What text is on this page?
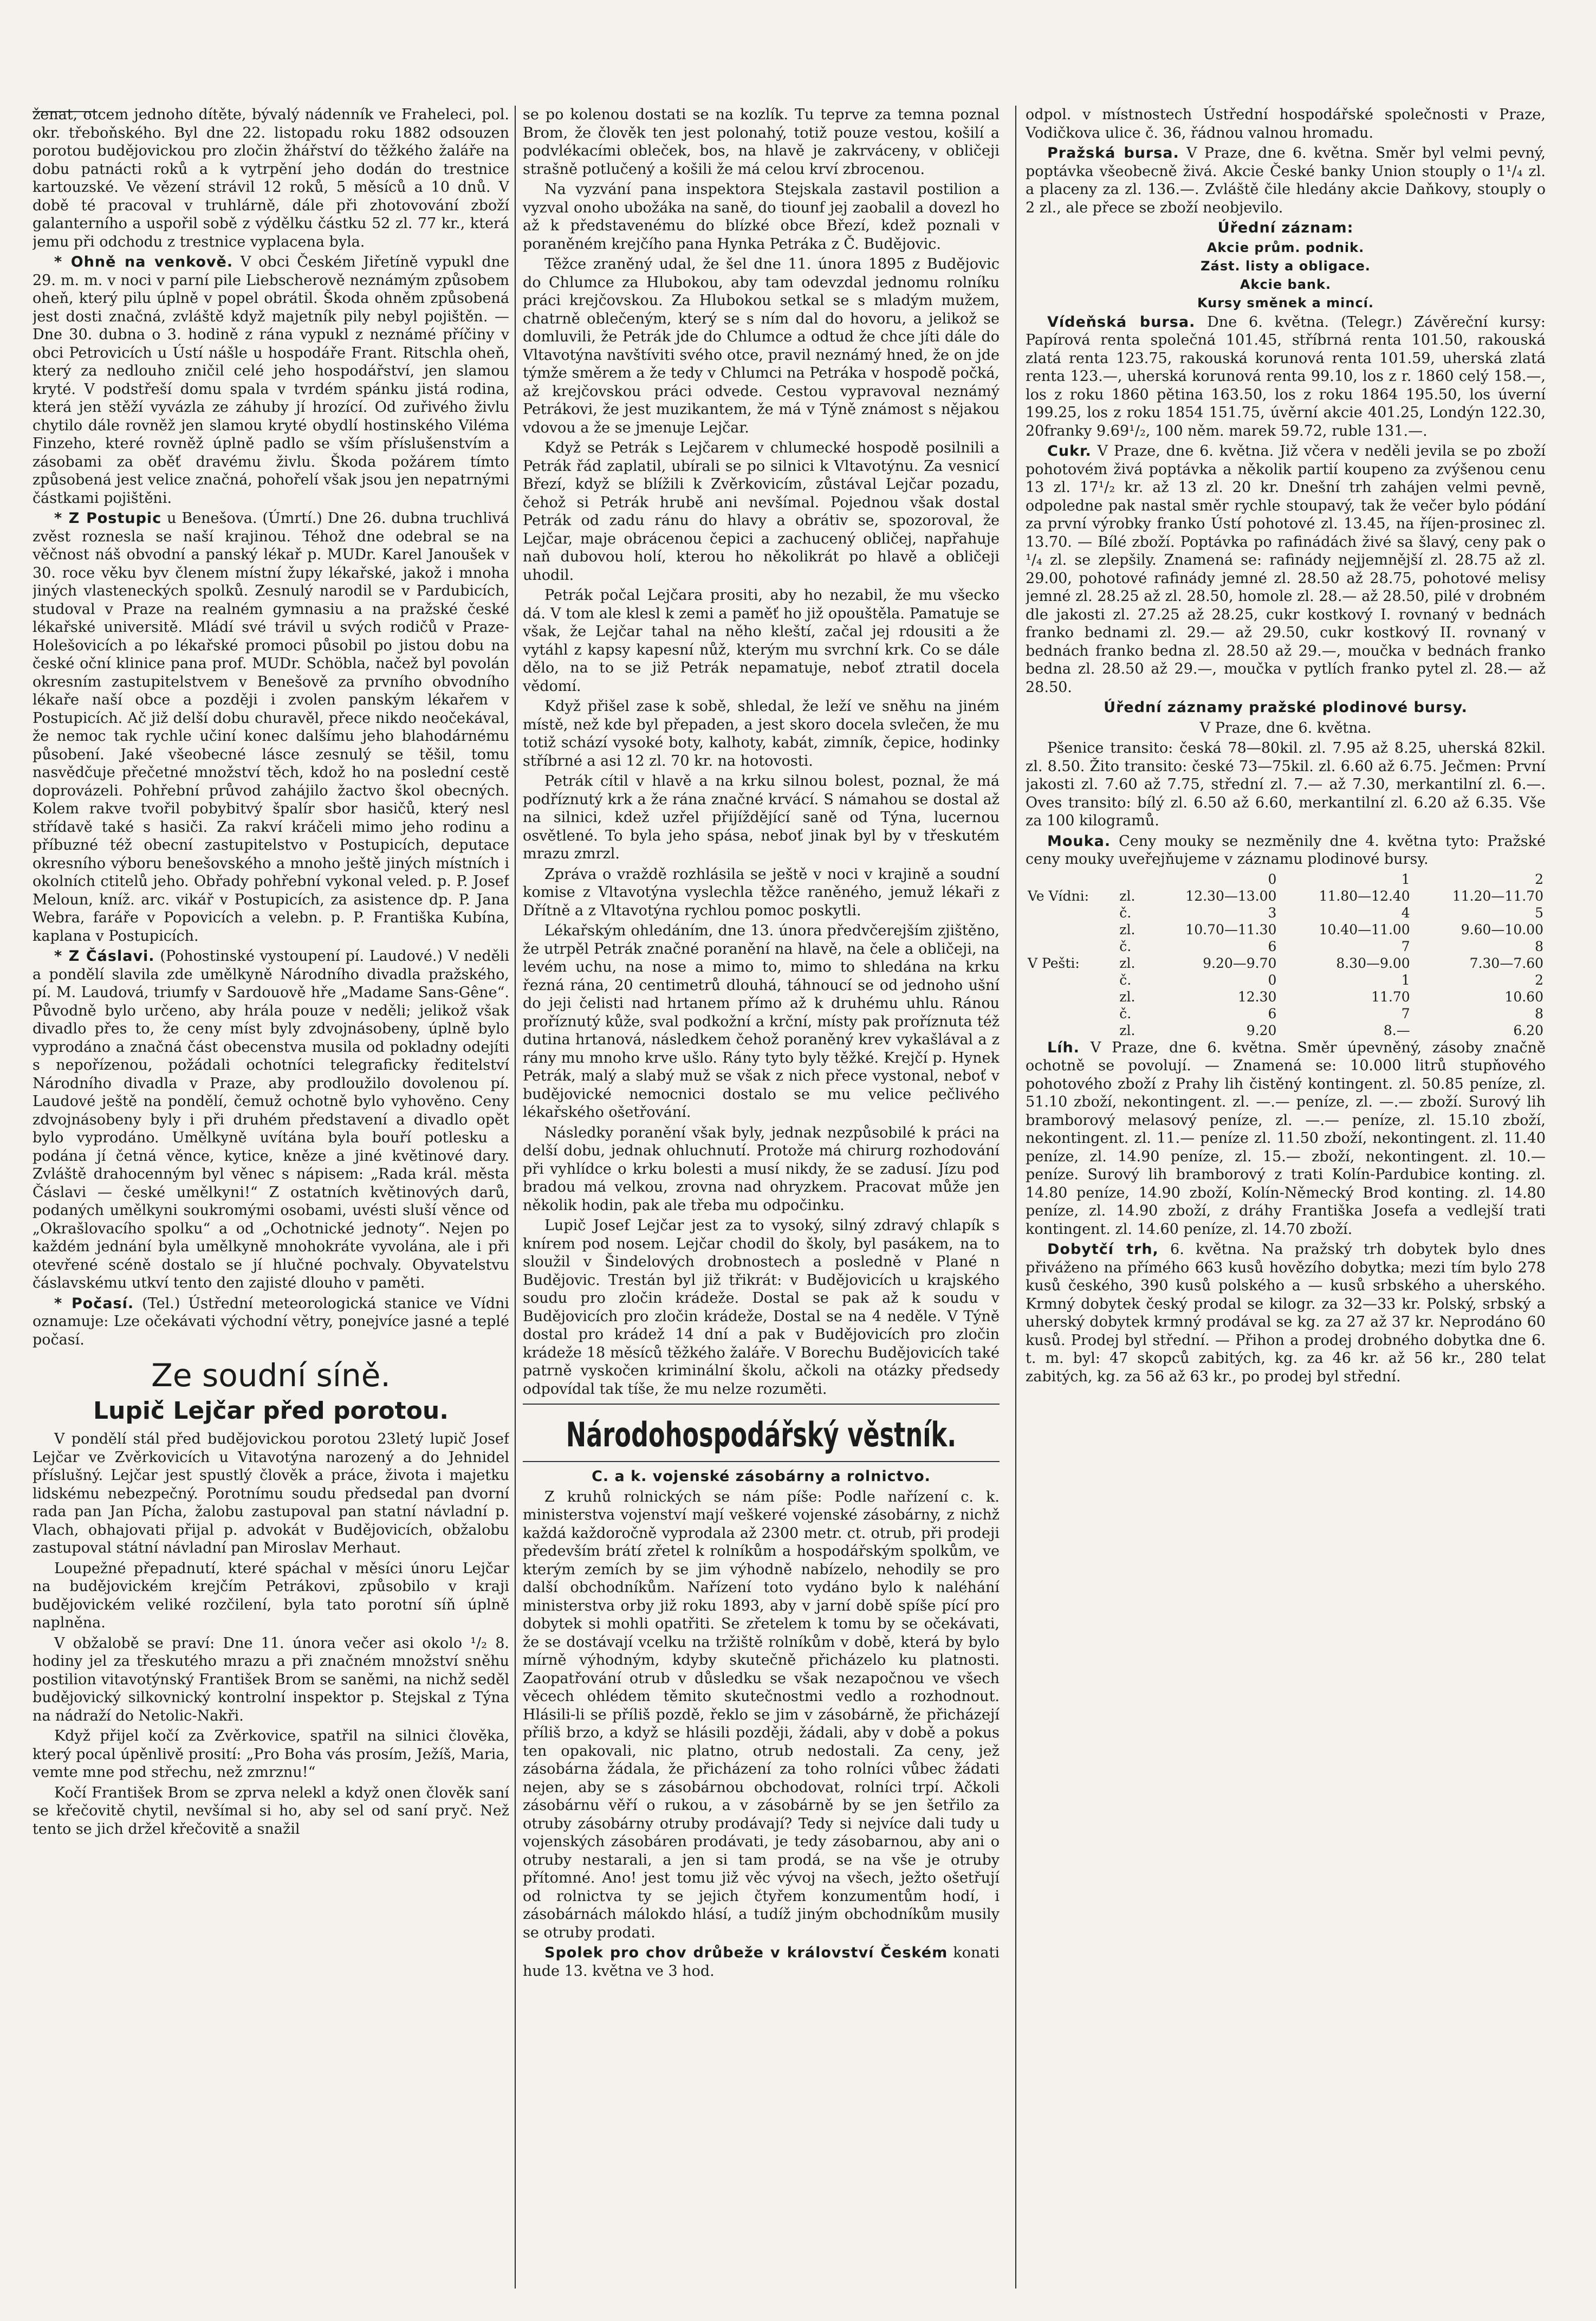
ženat, otcem jednoho dítěte, bývalý nádenník ve Fraheleci, pol. okr. třeboňského. Byl dne 22. listopadu roku 1882 odsouzen porotou budějovickou pro zločin žhářství do těžkého žaláře na dobu patnácti roků a k vytrpění jeho dodán do trestnice kartouzské. Ve vězení strávil 12 roků, 5 měsíců a 10 dnů. V době té pracoval v truhlárně, dále při zhotovování zboží galanterního a uspořil sobě z výdělku částku 52 zl. 77 kr., která jemu při odchodu z trestnice vyplacena byla.

* Ohně na venkově. V obci Českém Jiřetíně vypukl dne 29. m. m. v noci v parní pile Liebscherově neznámým způsobem oheň, který pilu úplně v popel obrátil. Škoda ohněm způsobená jest dosti značná, zvláště když majetník pily nebyl pojištěn. — Dne 30. dubna o 3. hodině z rána vypukl z neznámé příčiny v obci Petrovicích u Ústí nášle u hospodáře Frant. Ritschla oheň, který za nedlouho zničil celé jeho hospodářství, jen slamou kryté. V podstřeší domu spala v tvrdém spánku jistá rodina, která jen stěží vyvázla ze záhuby jí hrozící. Od zuřivého živlu chytilo dále rovněž jen slamou kryté obydlí hostinského Viléma Finzeho, které rovněž úplně padlo se vším příslušenstvím a zásobami za oběť dravému živlu. Škoda požárem tímto způsobená jest velice značná, pohořelí však jsou jen nepatrnými částkami pojištěni.

* Z Postupic u Benešova. (Úmrtí.) Dne 26. dubna truchlivá zvěst roznesla se naší krajinou. Téhož dne odebral se na věčnost náš obvodní a panský lékař p. MUDr. Karel Janoušek v 30. roce věku byv členem místní župy lékařské, jakož i mnoha jiných vlasteneckých spolků. Zesnulý narodil se v Pardubicích, studoval v Praze na realném gymnasiu a na pražské české lékařské universitě. Mládí své trávil u svých rodičů v Praze-Holešovicích a po lékařské promoci působil po jistou dobu na české oční klinice pana prof. MUDr. Schöbla, načež byl povolán okresním zastupitelstvem v Benešově za prvního obvodního lékaře naší obce a později i zvolen panským lékařem v Postupicích. Ač již delší dobu churavěl, přece nikdo neočekával, že nemoc tak rychle učiní konec dalšímu jeho blahodárnému působení. Jaké všeobecné lásce zesnulý se těšil, tomu nasvědčuje přečetné množství těch, kdož ho na poslední cestě doprovázeli. Pohřební průvod zahájilo žactvo škol obecných. Kolem rakve tvořil pobybitvý špalír sbor hasičů, který nesl střídavě také s hasiči. Za rakví kráčeli mimo jeho rodinu a příbuzné též obecní zastupitelstvo v Postupicích, deputace okresního výboru benešovského a mnoho ještě jiných místních i okolních ctitelů jeho. Obřady pohřební vykonal veled. p. P. Josef Meloun, kníž. arc. vikář v Postupicích, za asistence dp. P. Jana Webra, faráře v Popovicích a velebn. p. P. Františka Kubína, kaplana v Postupicích.

* Z Čáslavi. (Pohostinské vystoupení pí. Laudové.) V neděli a pondělí slavila zde umělkyně Národního divadla pražského, pí. M. Laudová, triumfy v Sardouově hře „Madame Sans-Gêne“. Původně bylo určeno, aby hrála pouze v neděli; jelikož však divadlo přes to, že ceny míst byly zdvojnásobeny, úplně bylo vyprodáno a značná část obecenstva musila od pokladny odejíti s nepořízenou, požádali ochotníci telegraficky ředitelství Národního divadla v Praze, aby prodloužilo dovolenou pí. Laudové ještě na pondělí, čemuž ochotně bylo vyhověno. Ceny zdvojnásobeny byly i při druhém představení a divadlo opět bylo vyprodáno. Umělkyně uvítána byla bouří potlesku a podána jí četná věnce, kytice, kněze a jiné květinové dary. Zvláště drahocenným byl věnec s nápisem: „Rada král. města Čáslavi — české umělkyni!“ Z ostatních květinových darů, podaných umělkyni soukromými osobami, uvésti sluší věnce od „Okrašlovacího spolku“ a od „Ochotnické jednoty“. Nejen po každém jednání byla umělkyně mnohokráte vyvolána, ale i při otevřené scéně dostalo se jí hlučné pochvaly. Obyvatelstvu čáslavskému utkví tento den zajisté dlouho v paměti.

* Počasí. (Tel.) Ústřední meteorologická stanice ve Vídni oznamuje: Lze očekávati východní větry, ponejvíce jasné a teplé počasí.

Ze soudní síně.
Lupič Lejčar před porotou.

V pondělí stál před budějovickou porotou 23letý lupič Josef Lejčar ve Zvěrkovicích u Vitavotýna narozený a do Jehnidel příslušný. Lejčar jest spustlý člověk a práce, života i majetku lidskému nebezpečný. Porotnímu soudu předsedal pan dvorní rada pan Jan Pícha, žalobu zastupoval pan statní návladní p. Vlach, obhajovati přijal p. advokát v Budějovicích, obžalobu zastupoval státní návladní pan Miroslav Merhaut.

Loupežné přepadnutí, které spáchal v měsíci únoru Lejčar na budějovickém krejčím Petrákovi, způsobilo v kraji budějovickém veliké rozčilení, byla tato porotní síň úplně naplněna.

V obžalobě se praví: Dne 11. února večer asi okolo ¹/₂ 8. hodiny jel za třeskutého mrazu a při značném množství sněhu postilion vitavotýnský František Brom se saněmi, na nichž seděl budějovický silkovnický kontrolní inspektor p. Stejskal z Týna na nádraží do Netolic-Nakři.

Když přijel kočí za Zvěrkovice, spatřil na silnici člověka, který pocal úpěnlivě prosití: „Pro Boha vás prosím, Ježíš, Maria, vemte mne pod střechu, než zmrznu!“

Kočí František Brom se zprva nelekl a když onen člověk saní se křečovitě chytil, nevšímal si ho, aby sel od saní pryč. Než tento se jich držel křečovitě a snažil

se po kolenou dostati se na kozlík. Tu teprve za temna poznal Brom, že člověk ten jest polonahý, totiž pouze vestou, košilí a podvlékacími obleček, bos, na hlavě je zakrváceny, v obličeji strašně potlučený a košili že má celou krví zbrocenou.

Na vyzvání pana inspektora Stejskala zastavil postilion a vyzval onoho ubožáka na saně, do tiounf jej zaobalil a dovezl ho až k představenému do blízké obce Březí, kdež poznali v poraněném krejčího pana Hynka Petráka z Č. Budějovic.

Těžce zraněný udal, že šel dne 11. února 1895 z Budějovic do Chlumce za Hlubokou, aby tam odevzdal jednomu rolníku práci krejčovskou. Za Hlubokou setkal se s mladým mužem, chatrně oblečeným, který se s ním dal do hovoru, a jelikož se domluvili, že Petrák jde do Chlumce a odtud že chce jíti dále do Vltavotýna navštíviti svého otce, pravil neznámý hned, že on jde týmže směrem a že tedy v Chlumci na Petráka v hospodě počká, až krejčovskou práci odvede. Cestou vypravoval neznámý Petrákovi, že jest muzikantem, že má v Týně známost s nějakou vdovou a že se jmenuje Lejčar.

Když se Petrák s Lejčarem v chlumecké hospodě posilnili a Petrák řád zaplatil, ubírali se po silnici k Vltavotýnu. Za vesnicí Březí, když se blížili k Zvěrkovicím, zůstával Lejčar pozadu, čehož si Petrák hrubě ani nevšímal. Pojednou však dostal Petrák od zadu ránu do hlavy a obrátiv se, spozoroval, že Lejčar, maje obrácenou čepici a zachucený obličej, napřahuje naň dubovou holí, kterou ho několikrát po hlavě a obličeji uhodil.

Petrák počal Lejčara prositi, aby ho nezabil, že mu všecko dá. V tom ale klesl k zemi a paměť ho již opouštěla. Pamatuje se však, že Lejčar tahal na něho kleští, začal jej rdousiti a že vytáhl z kapsy kapesní nůž, kterým mu svrchní krk. Co se dále dělo, na to se již Petrák nepamatuje, neboť ztratil docela vědomí.

Když přišel zase k sobě, shledal, že leží ve sněhu na jiném místě, než kde byl přepaden, a jest skoro docela svlečen, že mu totiž schází vysoké boty, kalhoty, kabát, zimník, čepice, hodinky stříbrné a asi 12 zl. 70 kr. na hotovosti.

Petrák cítil v hlavě a na krku silnou bolest, poznal, že má podříznutý krk a že rána značné krvácí. S námahou se dostal až na silnici, kdež uzřel přijíždějící saně od Týna, lucernou osvětlené. To byla jeho spása, neboť jinak byl by v třeskutém mrazu zmrzl.

Zpráva o vraždě rozhlásila se ještě v noci v krajině a soudní komise z Vltavotýna vyslechla těžce raněného, jemuž lékaři z Dřítně a z Vltavotýna rychlou pomoc poskytli.

Lékařským ohledáním, dne 13. února předvčerejším zjištěno, že utrpěl Petrák značné poranění na hlavě, na čele a obličeji, na levém uchu, na nose a mimo to, mimo to shledána na krku řezná rána, 20 centimetrů dlouhá, táhnoucí se od jednoho ušní do jeji čelisti nad hrtanem přímo až k druhému uhlu. Ránou proříznutý kůže, sval podkožní a krční, místy pak proříznuta též dutina hrtanová, následkem čehož poraněný krev vykašlával a z rány mu mnoho krve ušlo. Rány tyto byly těžké. Krejčí p. Hynek Petrák, malý a slabý muž se však z nich přece vystonal, neboť v budějovické nemocnici dostalo se mu velice pečlivého lékařského ošetřování.

Následky poranění však byly, jednak nezpůsobilé k práci na delší dobu, jednak ohluchnutí. Protože má chirurg rozhodování při vyhlídce o krku bolesti a musí nikdy, že se zadusí. Jízu pod bradou má velkou, zrovna nad ohryzkem. Pracovat může jen několik hodin, pak ale třeba mu odpočinku.

Lupič Josef Lejčar jest za to vysoký, silný zdravý chlapík s knírem pod nosem. Lejčar chodil do školy, byl pasákem, na to sloužil v Šindelových drobnostech a posledně v Plané n Budějovic. Trestán byl již třikrát: v Budějovicích u krajského soudu pro zločin krádeže. Dostal se pak až k soudu v Budějovicích pro zločin krádeže, Dostal se na 4 neděle. V Týně dostal pro krádež 14 dní a pak v Budějovicích pro zločin krádeže 18 měsíců těžkého žaláře. V Borechu Budějovicích také patrně vyskočen kriminální školu, ačkoli na otázky předsedy odpovídal tak tíše, že mu nelze rozuměti.

Národohospodářský věstník.

C. a k. vojenské zásobárny a rolnictvo.

Z kruhů rolnických se nám píše: Podle nařízení c. k. ministerstva vojenství mají veškeré vojenské zásobárny, z nichž každá každoročně vyprodala až 2300 metr. ct. otrub, při prodeji především brátí zřetel k rolníkům a hospodářským spolkům, ve kterým zemích by se jim výhodně nabízelo, nehodily se pro další obchodníkům. Nařízení toto vydáno bylo k naléhání ministerstva orby již roku 1893, aby v jarní době spíše pící pro dobytek si mohli opatřiti. Se zřetelem k tomu by se očekávati, že se dostávají vcelku na tržiště rolníkům v době, která by bylo mírně výhodným, kdyby skutečně přicházelo ku platnosti. Zaopatřování otrub v důsledku se však nezapočnou ve všech věcech ohlédem těmito skutečnostmi vedlo a rozhodnout. Hlásili-li se příliš pozdě, řeklo se jim v zásobárně, že přicházejí příliš brzo, a když se hlásili později, žádali, aby v době a pokus ten opakovali, nic platno, otrub nedostali. Za ceny, jež zásobárna žádala, že přicházení za toho rolníci vůbec žádati nejen, aby se s zásobárnou obchodovat, rolníci trpí. Ačkoli zásobárnu věří o rukou, a v zásobárně by se jen šetřilo za otruby zásobárny otruby prodávají? Tedy si nejvíce dali tudy u vojenských zásobáren prodávati, je tedy zásobarnou, aby ani o otruby nestarali, a jen si tam prodá, se na vše je otruby přítomné. Ano! jest tomu již věc vývoj na všech, ježto ošetřují od rolnictva ty se jejich čtyřem konzumentům hodí, i zásobárnách málokdo hlásí, a tudíž jiným obchodníkům musily se otruby prodati.

Spolek pro chov drůbeže v království Českém konati hude 13. května ve 3 hod.

odpol. v místnostech Ústřední hospodářské společnosti v Praze, Vodičkova ulice č. 36, řádnou valnou hromadu.

Pražská bursa. V Praze, dne 6. května. Směr byl velmi pevný, poptávka všeobecně živá. Akcie České banky Union stouply o 1¹/₄ zl. a placeny za zl. 136.—. Zvláště čile hledány akcie Daňkovy, stouply o 2 zl., ale přece se zboží neobjevilo.

Úřední záznam:

Akcie prům. podnik.

Zást. listy a obligace.

Akcie bank.

Kursy směnek a mincí.

Vídeňská bursa. Dne 6. května. (Telegr.) Závěreční kursy: Papírová renta společná 101.45, stříbrná renta 101.50, rakouská zlatá renta 123.75, rakouská korunová renta 101.59, uherská zlatá renta 123.—, uherská korunová renta 99.10, los z r. 1860 celý 158.—, los z roku 1860 pětina 163.50, los z roku 1864 195.50, los úverní 199.25, los z roku 1854 151.75, úvěrní akcie 401.25, Londýn 122.30, 20franky 9.69¹/₂, 100 něm. marek 59.72, ruble 131.—.

Cukr. V Praze, dne 6. května. Již včera v neděli jevila se po zboží pohotovém živá poptávka a několik partií koupeno za zvýšenou cenu 13 zl. 17¹/₂ kr. až 13 zl. 20 kr. Dnešní trh zahájen velmi pevně, odpoledne pak nastal směr rychle stoupavý, tak že večer bylo pódání za první výrobky franko Ústí pohotové zl. 13.45, na říjen-prosinec zl. 13.70. — Bílé zboží. Poptávka po rafinádách živé sa šlavý, ceny pak o ¹/₄ zl. se zlepšily. Znamená se: rafinády nejjemnější zl. 28.75 až zl. 29.00, pohotové rafinády jemné zl. 28.50 až 28.75, pohotové melisy jemné zl. 28.25 až zl. 28.50, homole zl. 28.— až 28.50, pilé v drobném dle jakosti zl. 27.25 až 28.25, cukr kostkový I. rovnaný v bednách franko bednami zl. 29.— až 29.50, cukr kostkový II. rovnaný v bednách franko bedna zl. 28.50 až 29.—, moučka v bednách franko bedna zl. 28.50 až 29.—, moučka v pytlích franko pytel zl. 28.— až 28.50.

Úřední záznamy pražské plodinové bursy.

V Praze, dne 6. května.

Pšenice transito: česká 78—80kil. zl. 7.95 až 8.25, uherská 82kil. zl. 8.50. Žito transito: české 73—75kil. zl. 6.60 až 6.75. Ječmen: První jakosti zl. 7.60 až 7.75, střední zl. 7.— až 7.30, merkantilní zl. 6.—. Oves transito: bílý zl. 6.50 až 6.60, merkantilní zl. 6.20 až 6.35. Vše za 100 kilogramů.

Mouka. Ceny mouky se nezměnily dne 4. května tyto: Pražské ceny mouky uveřejňujeme v záznamu plodinové bursy.

		0	1	2
Ve Vídni:	zl.	12.30—13.00	11.80—12.40	11.20—11.70
	č.	3	4	5
	zl.	10.70—11.30	10.40—11.00	9.60—10.00
	č.	6	7	8
V Pešti:	zl.	9.20—9.70	8.30—9.00	7.30—7.60
	č.	0	1	2
	zl.	12.30	11.70	10.60
	č.	6	7	8
	zl.	9.20	8.—	6.20

Líh. V Praze, dne 6. května. Směr úpevněný, zásoby značně ochotně se povolují. — Znamená se: 10.000 litrů stupňového pohotového zboží z Prahy lih čistěný kontingent. zl. 50.85 peníze, zl. 51.10 zboží, nekontingent. zl. —.— peníze, zl. —.— zboží. Surový lih bramborový melasový peníze, zl. —.— peníze, zl. 15.10 zboží, nekontingent. zl. 11.— peníze zl. 11.50 zboží, nekontingent. zl. 11.40 peníze, zl. 14.90 peníze, zl. 15.— zboží, nekontingent. zl. 10.— peníze. Surový lih bramborový z trati Kolín-Pardubice konting. zl. 14.80 peníze, 14.90 zboží, Kolín-Německý Brod konting. zl. 14.80 peníze, zl. 14.90 zboží, z dráhy Františka Josefa a vedlejší trati kontingent. zl. 14.60 peníze, zl. 14.70 zboží.

Dobytčí trh, 6. května. Na pražský trh dobytek bylo dnes přiváženo na přímého 663 kusů hovězího dobytka; mezi tím bylo 278 kusů českého, 390 kusů polského a — kusů srbského a uherského. Krmný dobytek český prodal se kilogr. za 32—33 kr. Polský, srbský a uherský dobytek krmný prodával se kg. za 27 až 37 kr. Neprodáno 60 kusů. Prodej byl střední. — Přihon a prodej drobného dobytka dne 6. t. m. byl: 47 skopců zabitých, kg. za 46 kr. až 56 kr., 280 telat zabitých, kg. za 56 až 63 kr., po prodej byl střední.
